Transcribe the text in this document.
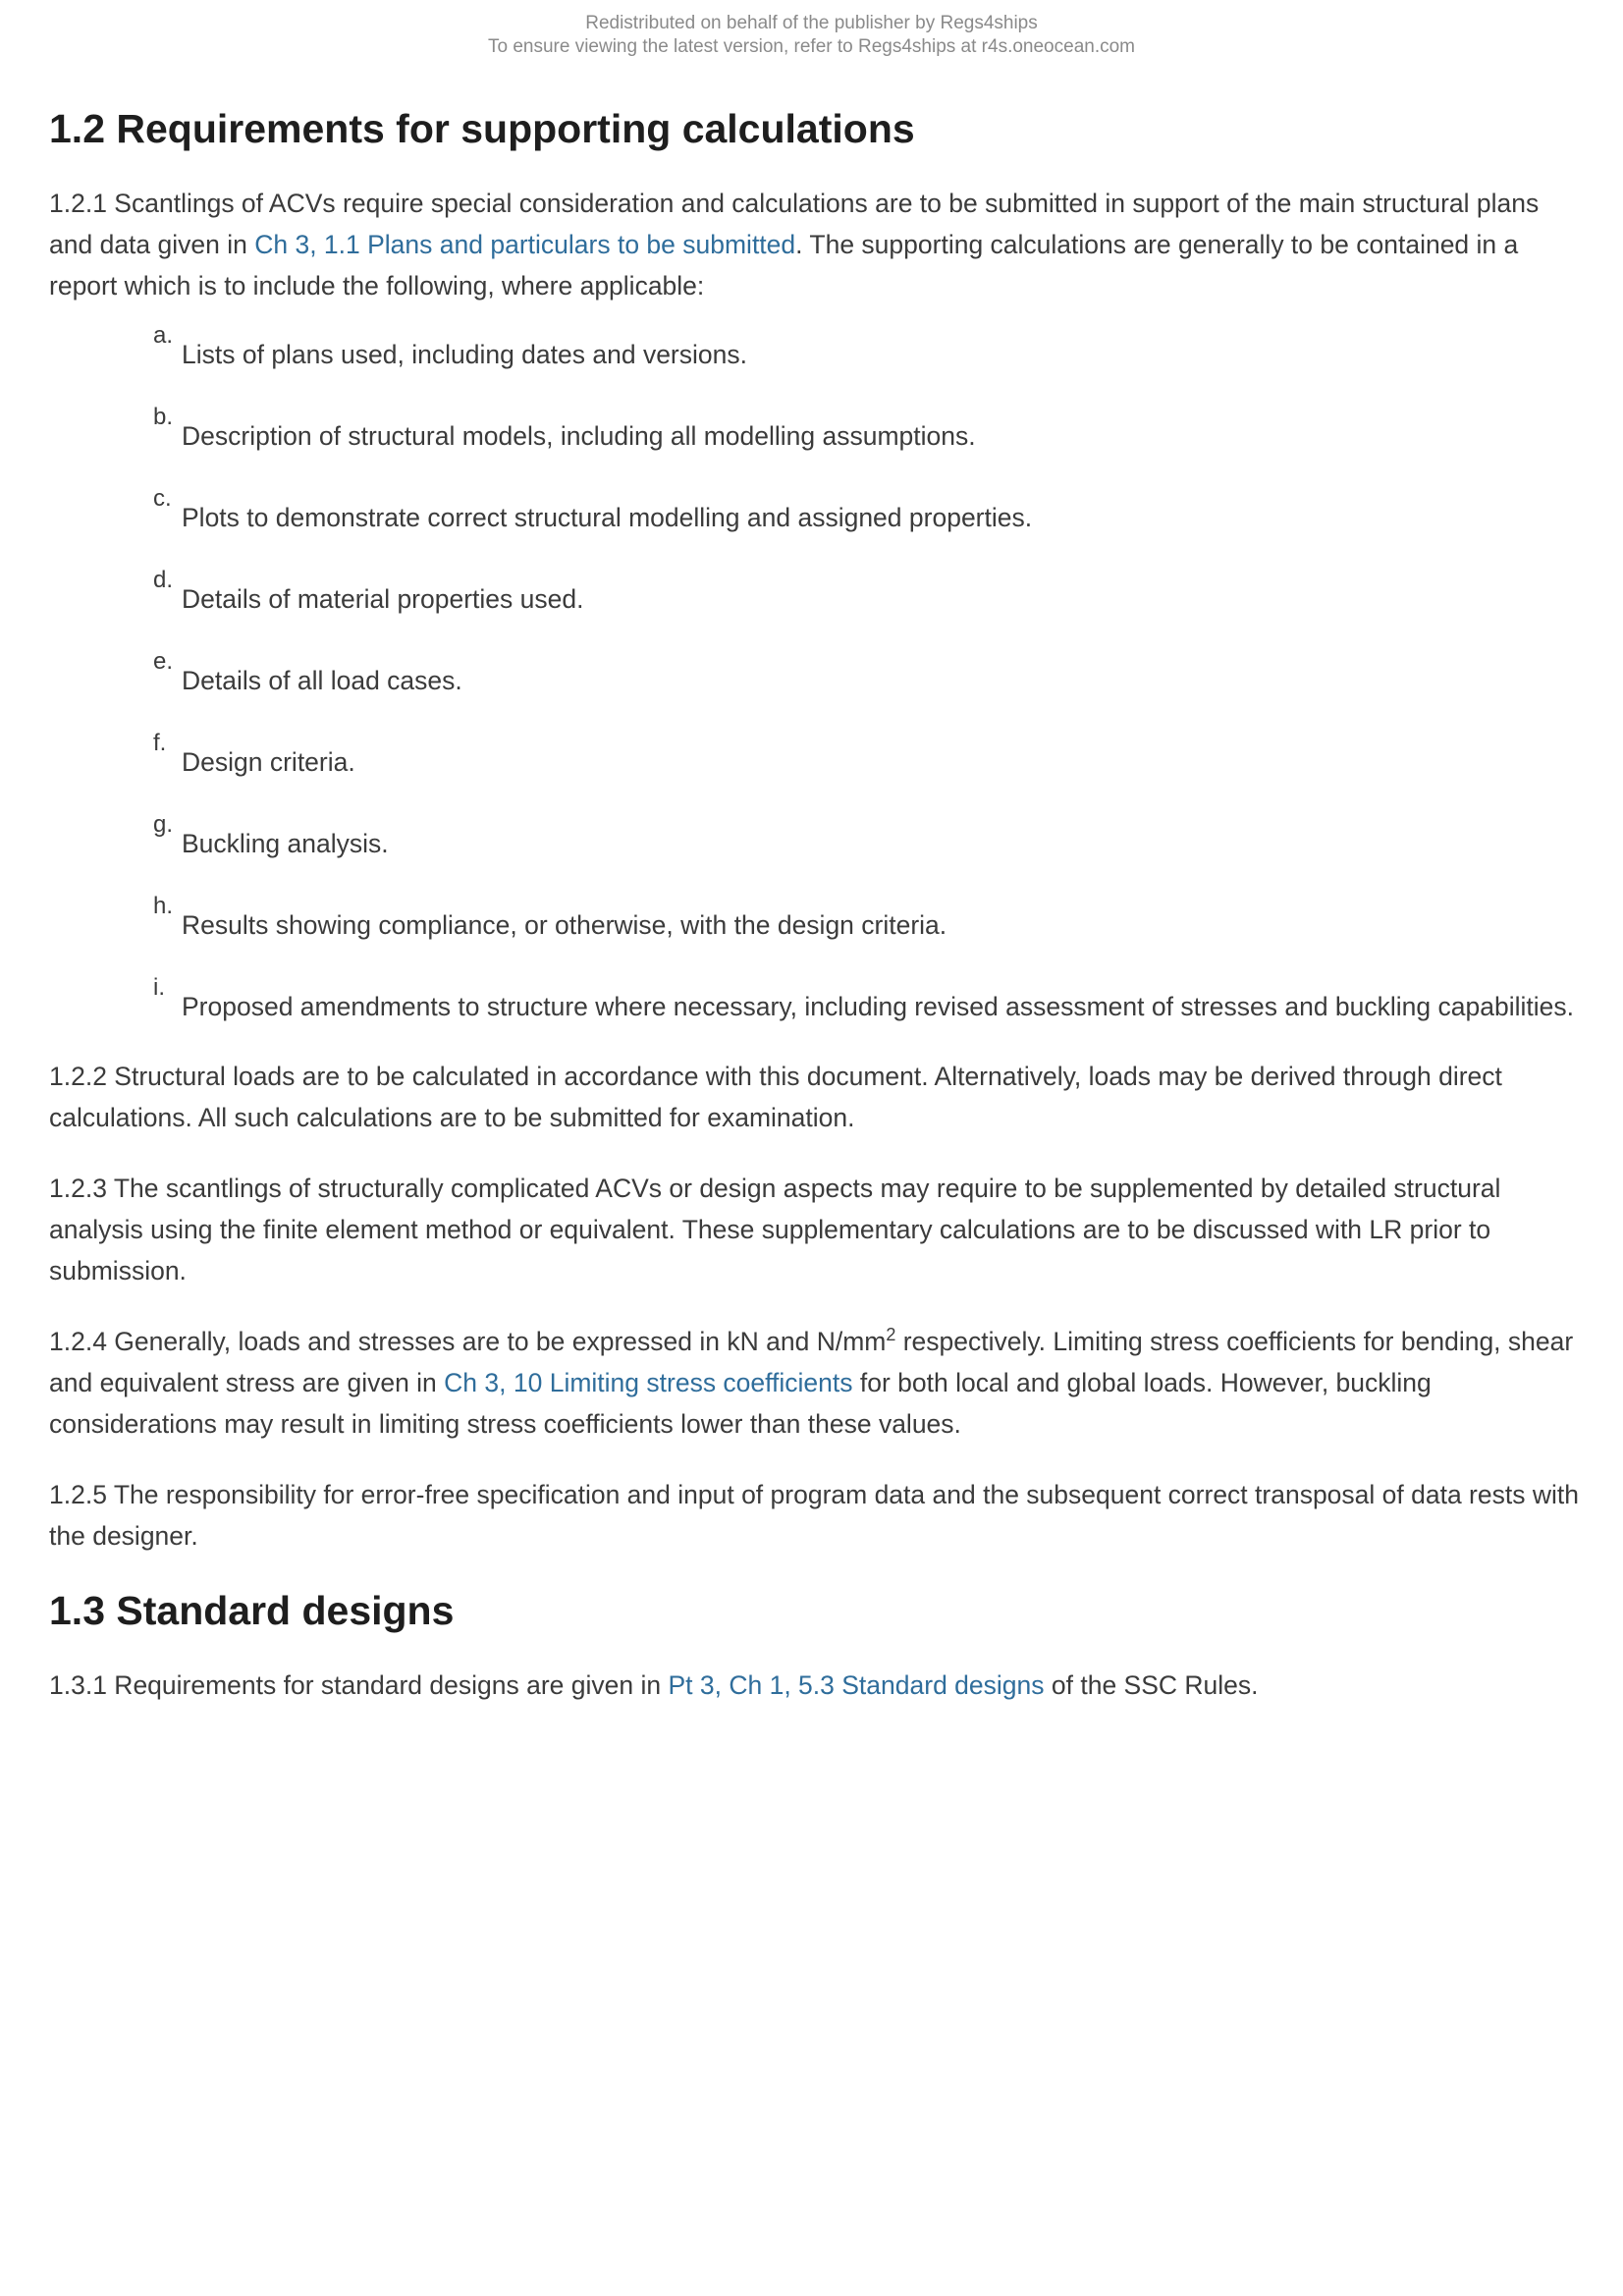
Redistributed on behalf of the publisher by Regs4ships
To ensure viewing the latest version, refer to Regs4ships at r4s.oneocean.com
1.2 Requirements for supporting calculations

1.2.1 Scantlings of ACVs require special consideration and calculations are to be submitted in support of the main structural plans and data given in Ch 3, 1.1 Plans and particulars to be submitted. The supporting calculations are generally to be contained in a report which is to include the following, where applicable:

a.
Lists of plans used, including dates and versions.
b.
Description of structural models, including all modelling assumptions.
c.
Plots to demonstrate correct structural modelling and assigned properties.
d.
Details of material properties used.
e.
Details of all load cases.
f.
Design criteria.
g.
Buckling analysis.
h.
Results showing compliance, or otherwise, with the design criteria.
i.
Proposed amendments to structure where necessary, including revised assessment of stresses and buckling capabilities.

1.2.2 Structural loads are to be calculated in accordance with this document. Alternatively, loads may be derived through direct calculations. All such calculations are to be submitted for examination.

1.2.3 The scantlings of structurally complicated ACVs or design aspects may require to be supplemented by detailed structural analysis using the finite element method or equivalent. These supplementary calculations are to be discussed with LR prior to submission.

1.2.4 Generally, loads and stresses are to be expressed in kN and $N/mm^2$ respectively. Limiting stress coefficients for bending, shear and equivalent stress are given in Ch 3, 10 Limiting stress coefficients for both local and global loads. However, buckling considerations may result in limiting stress coefficients lower than these values.

1.2.5 The responsibility for error-free specification and input of program data and the subsequent correct transposal of data rests with the designer.

1.3 Standard designs

1.3.1 Requirements for standard designs are given in Pt 3, Ch 1, 5.3 Standard designs of the SSC Rules.
